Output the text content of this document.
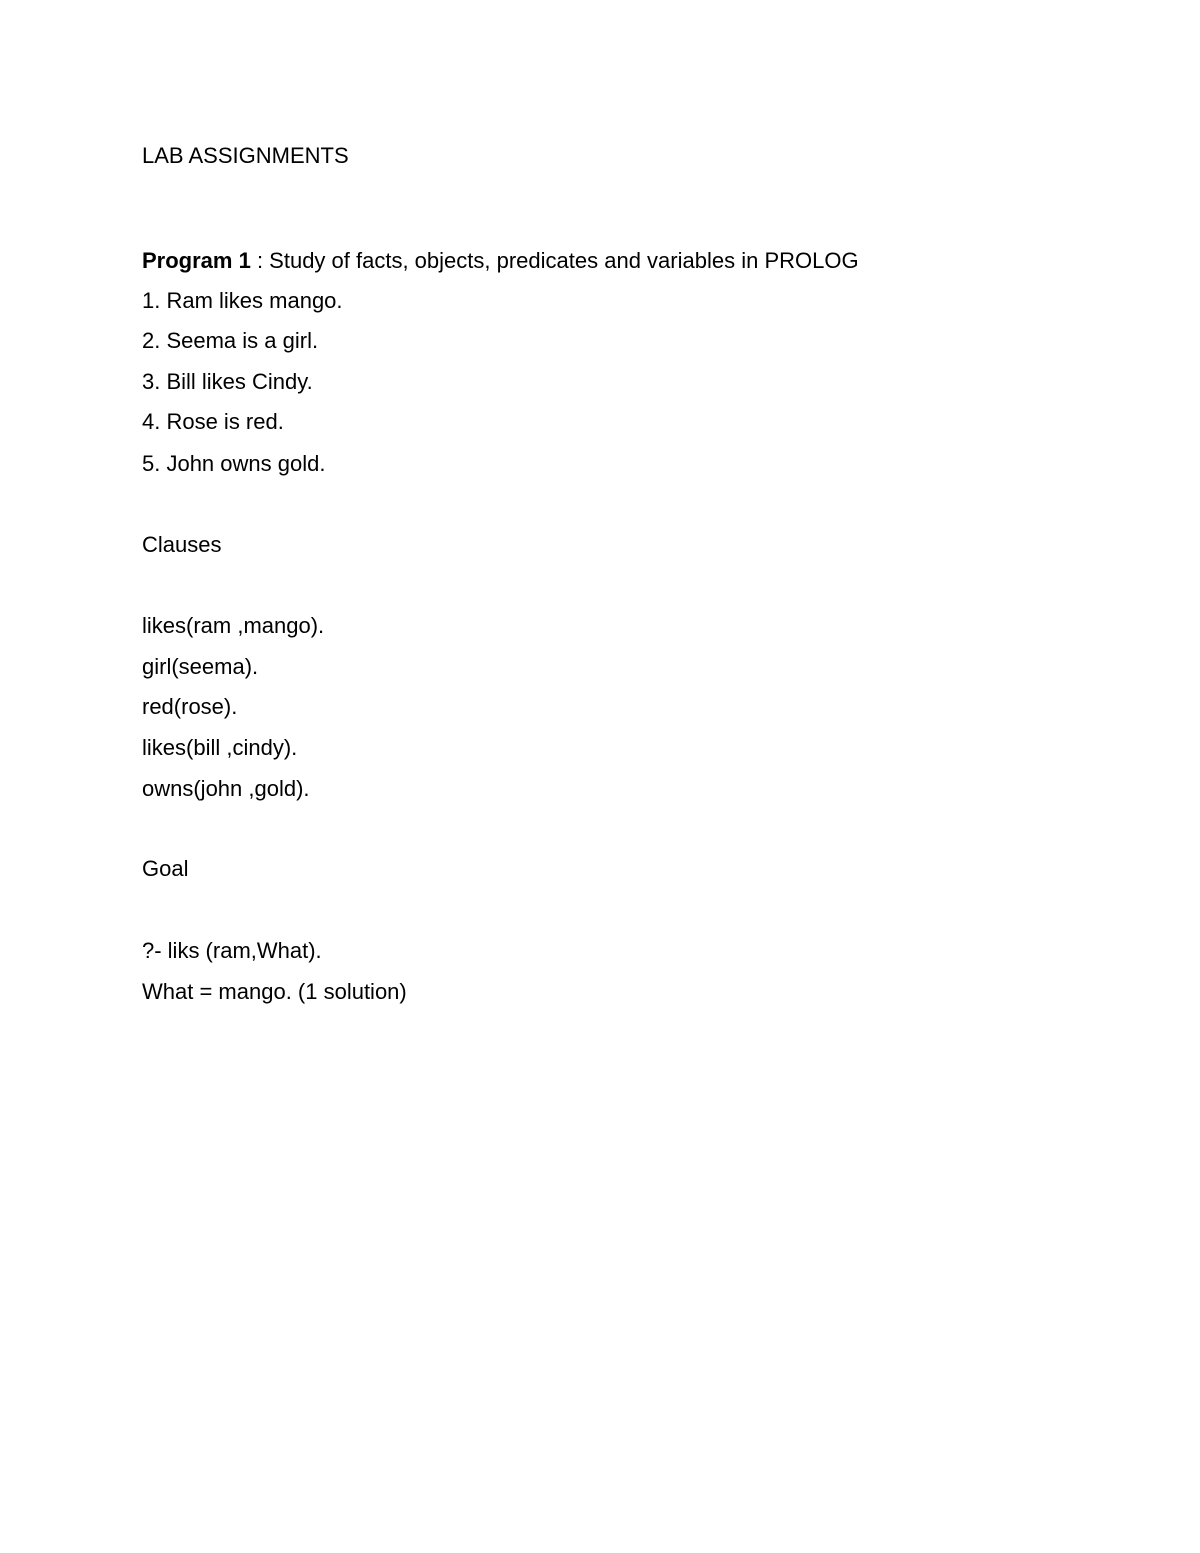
LAB ASSIGNMENTS
Program 1 : Study of facts, objects, predicates and variables in PROLOG
1. Ram likes mango.
2. Seema is a girl.
3. Bill likes Cindy.
4. Rose is red.
5. John owns gold.
Clauses
likes(ram ,mango).
girl(seema).
red(rose).
likes(bill ,cindy).
owns(john ,gold).
Goal
?- liks (ram,What).
What = mango. (1 solution)
